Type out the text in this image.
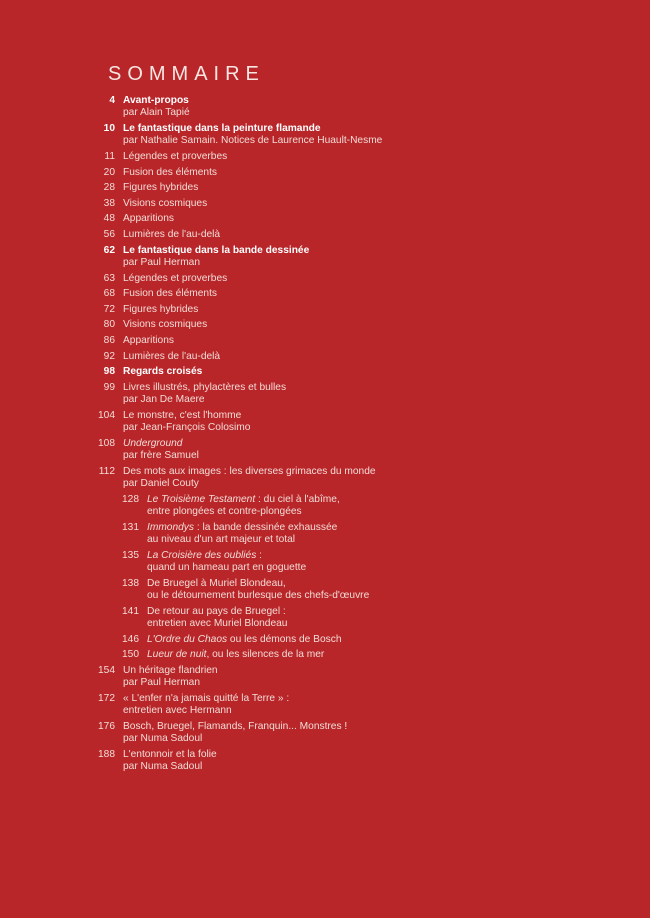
SOMMAIRE
4 Avant-propos
par Alain Tapié
10 Le fantastique dans la peinture flamande
par Nathalie Samain. Notices de Laurence Huault-Nesme
11 Légendes et proverbes
20 Fusion des éléments
28 Figures hybrides
38 Visions cosmiques
48 Apparitions
56 Lumières de l'au-delà
62 Le fantastique dans la bande dessinée
par Paul Herman
63 Légendes et proverbes
68 Fusion des éléments
72 Figures hybrides
80 Visions cosmiques
86 Apparitions
92 Lumières de l'au-delà
98 Regards croisés
99 Livres illustrés, phylactères et bulles
par Jan De Maere
104 Le monstre, c'est l'homme
par Jean-François Colosimo
108 Underground
par frère Samuel
112 Des mots aux images : les diverses grimaces du monde
par Daniel Couty
128 Le Troisième Testament : du ciel à l'abîme,
entre plongées et contre-plongées
131 Immondys : la bande dessinée exhaussée
au niveau d'un art majeur et total
135 La Croisière des oubliés :
quand un hameau part en goguette
138 De Bruegel à Muriel Blondeau,
ou le détournement burlesque des chefs-d'œuvre
141 De retour au pays de Bruegel :
entretien avec Muriel Blondeau
146 L'Ordre du Chaos ou les démons de Bosch
150 Lueur de nuit, ou les silences de la mer
154 Un héritage flandrien
par Paul Herman
172 « L'enfer n'a jamais quitté la Terre » :
entretien avec Hermann
176 Bosch, Bruegel, Flamands, Franquin... Monstres !
par Numa Sadoul
188 L'entonnoir et la folie
par Numa Sadoul
